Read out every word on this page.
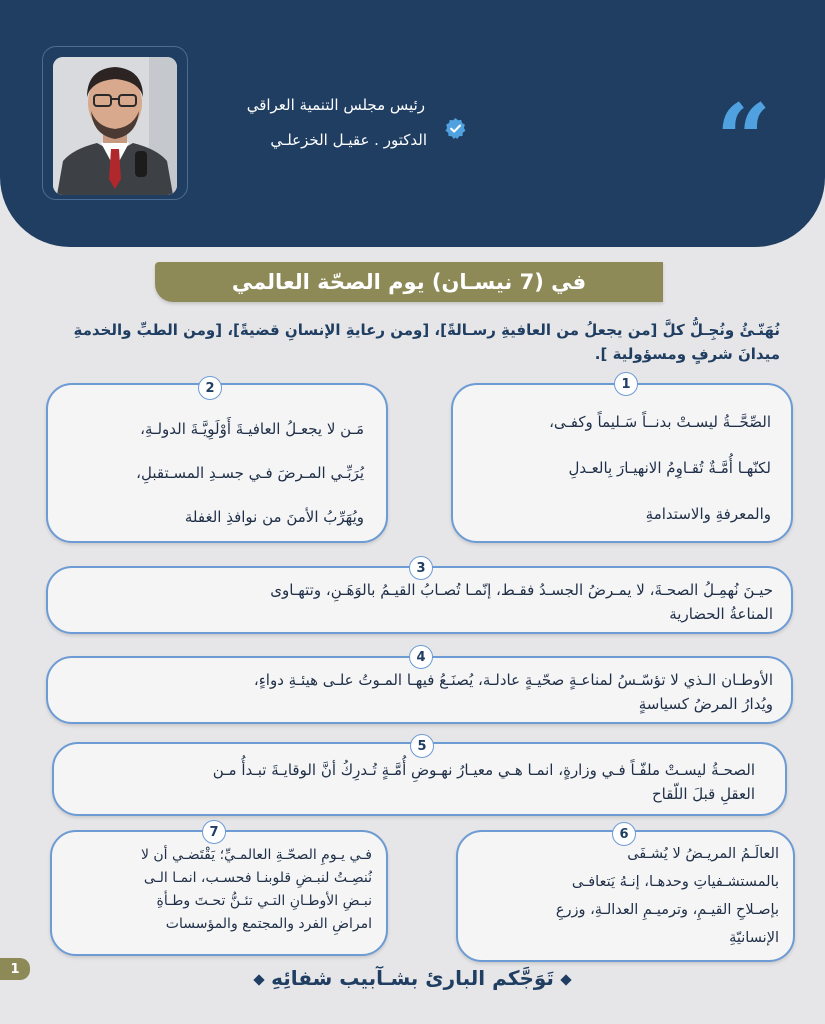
“
رئيس مجلس التنمية العراقي
الدكتور . عقيـل الخزعلـي
في (7 نيسـان) يوم الصحّة العالمي
نُهَنّـئُ ونُجِـلُّ كلَّ [من يجعلُ من العافيةِ رسـالةً]، [ومن رعايةِ الإنسانِ قضيةً]، [ومن الطبِّ والخدمةِ ميدانَ شرفٍ ومسؤولية ].

الصِّحَّــةُ ليسـتْ بدنــاً سَـليماً وكفـى،

لكنّهـا أُمَّـةٌ تُقـاوِمُ الانهيـارَ بِالعـدلِ

والمعرفةِ والاستدامةِ

1

مَـن لا يجعـلُ العافيـةَ أَوْلَوِيَّـةَ الدولـةِ،

يُرَبِّـي المـرضَ فـي جسـدِ المسـتقبلِ،

ويُهَرِّبُ الأمنَ من نوافذِ الغفلة

2

حيـنَ نُهمِـلُ الصحـةَ، لا يمـرضُ الجسـدُ فقـط، إنّمـا تُصـابُ القيـمُ بالوَهَـنِ، وتتهـاوى

المناعةُ الحضارية

3

الأوطـان الـذي لا تؤسّـسُ لمناعـةٍ صحّيـةٍ عادلـة، يُصنَـعُ فيهـا المـوتُ علـى هيئـةِ دواءٍ،

ويُدارُ المرضُ كسياسةٍ

4

الصحـةُ ليسـتْ ملفّـاً فـي وزارةٍ، انمـا هـي معيـارُ نهـوضِ أُمَّـةٍ تُـدرِكُ أنَّ الوقايـةَ تبـدأُ مـن

العقلِ قبلَ اللّقاح

5

العالَـمُ المريـضُ لا يُشـفَى

بالمستشـفياتِ وحدهـا، إنـهُ يَتعافـى

بإصـلاحِ القيـمِ، وترميـمِ العدالـةِ، وزرعِ

الإنسانيّةِ

6

فـي يـومِ الصحّـةِ العالمـيِّ؛ يَقْتَضـي أن لا

نُنصِـتُ لنبـضِ قلوبنـا فحسـب، انمـا الـى

نبـضِ الأوطـانِ التـي تئـنُّ تحـتَ وطـأةِ

امراضِ الفرد والمجتمع والمؤسسات

7
1	تَوَجَّكم البارئ بشـآبيب شفائِهِ
